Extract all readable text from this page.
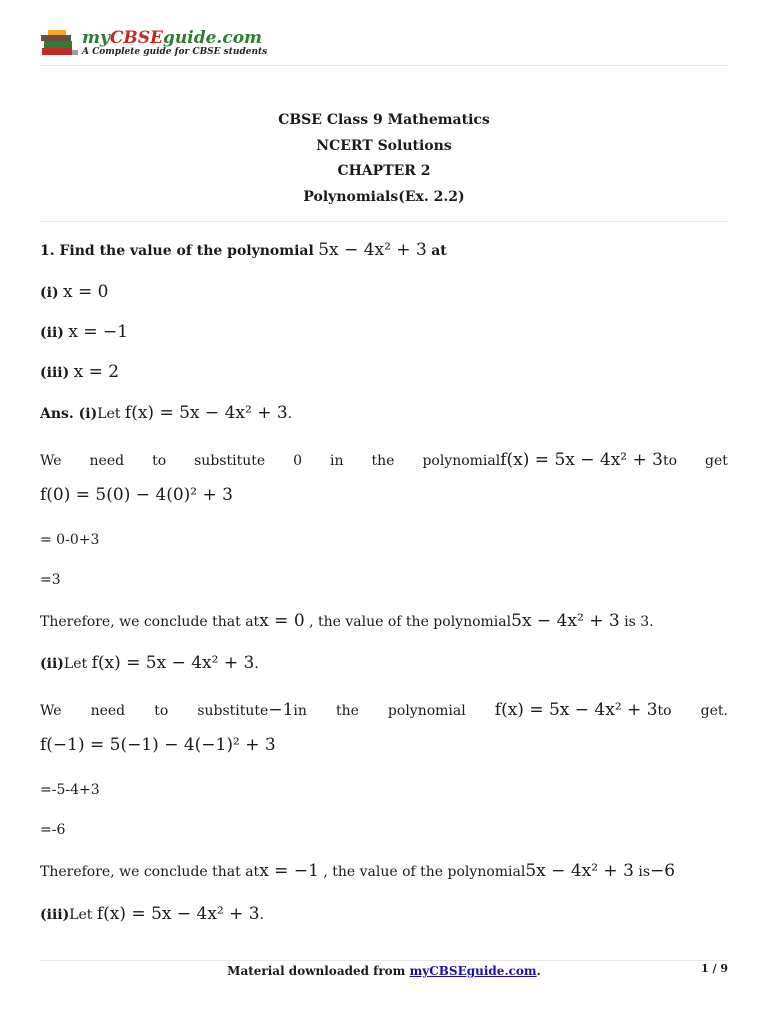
myCBSEguide.com
A Complete guide for CBSE students
CBSE Class 9 Mathematics
NCERT Solutions
CHAPTER 2
Polynomials(Ex. 2.2)
1. Find the value of the polynomial 5x − 4x² + 3 at
(i) x = 0
(ii) x = −1
(iii) x = 2
Ans. (i)Let f(x) = 5x − 4x² + 3.
We need to substitute 0 in the polynomialf(x) = 5x − 4x² + 3to get
f(0) = 5(0) − 4(0)² + 3
= 0-0+3
=3
Therefore, we conclude that atx = 0 , the value of the polynomial5x − 4x² + 3 is 3.
(ii)Let f(x) = 5x − 4x² + 3.
We need to substitute−1in the polynomial f(x) = 5x − 4x² + 3to get.
f(−1) = 5(−1) − 4(−1)² + 3
=-5-4+3
=-6
Therefore, we conclude that atx = −1 , the value of the polynomial5x − 4x² + 3 is−6
(iii)Let f(x) = 5x − 4x² + 3.
Material downloaded from myCBSEguide.com.	1 / 9
